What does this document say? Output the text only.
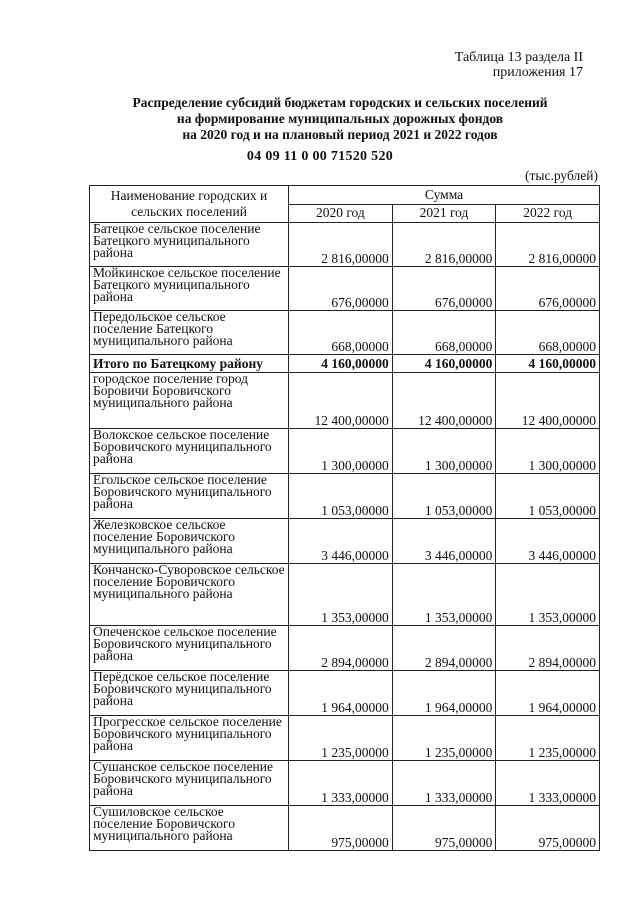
Таблица 13 раздела II
приложения 17
Распределение субсидий бюджетам городских и сельских поселений
на формирование муниципальных дорожных фондов
на 2020 год и на плановый период 2021 и 2022 годов
04 09 11 0 00 71520 520
(тыс.рублей)
Наименование городских и сельских поселений	Сумма		
	2020 год	2021 год	2022 год
Батецкое сельское поселение Батецкого муниципального района	2 816,00000	2 816,00000	2 816,00000
Мойкинское сельское поселение Батецкого муниципального района	676,00000	676,00000	676,00000
Передольское сельское поселение Батецкого муниципального района	668,00000	668,00000	668,00000
Итого по Батецкому району	4 160,00000	4 160,00000	4 160,00000
городское поселение город Боровичи Боровичского муниципального района	12 400,00000	12 400,00000	12 400,00000
Волокское сельское поселение Боровичского муниципального района	1 300,00000	1 300,00000	1 300,00000
Ёгольское сельское поселение Боровичского муниципального района	1 053,00000	1 053,00000	1 053,00000
Железковское сельское поселение Боровичского муниципального района	3 446,00000	3 446,00000	3 446,00000
Кончанско-Суворовское сельское поселение Боровичского муниципального района	1 353,00000	1 353,00000	1 353,00000
Опеченское сельское поселение Боровичского муниципального района	2 894,00000	2 894,00000	2 894,00000
Перёдское сельское поселение Боровичского муниципального района	1 964,00000	1 964,00000	1 964,00000
Прогресское сельское поселение Боровичского муниципального района	1 235,00000	1 235,00000	1 235,00000
Сушанское сельское поселение Боровичского муниципального района	1 333,00000	1 333,00000	1 333,00000
Сушиловское сельское поселение Боровичского муниципального района	975,00000	975,00000	975,00000
